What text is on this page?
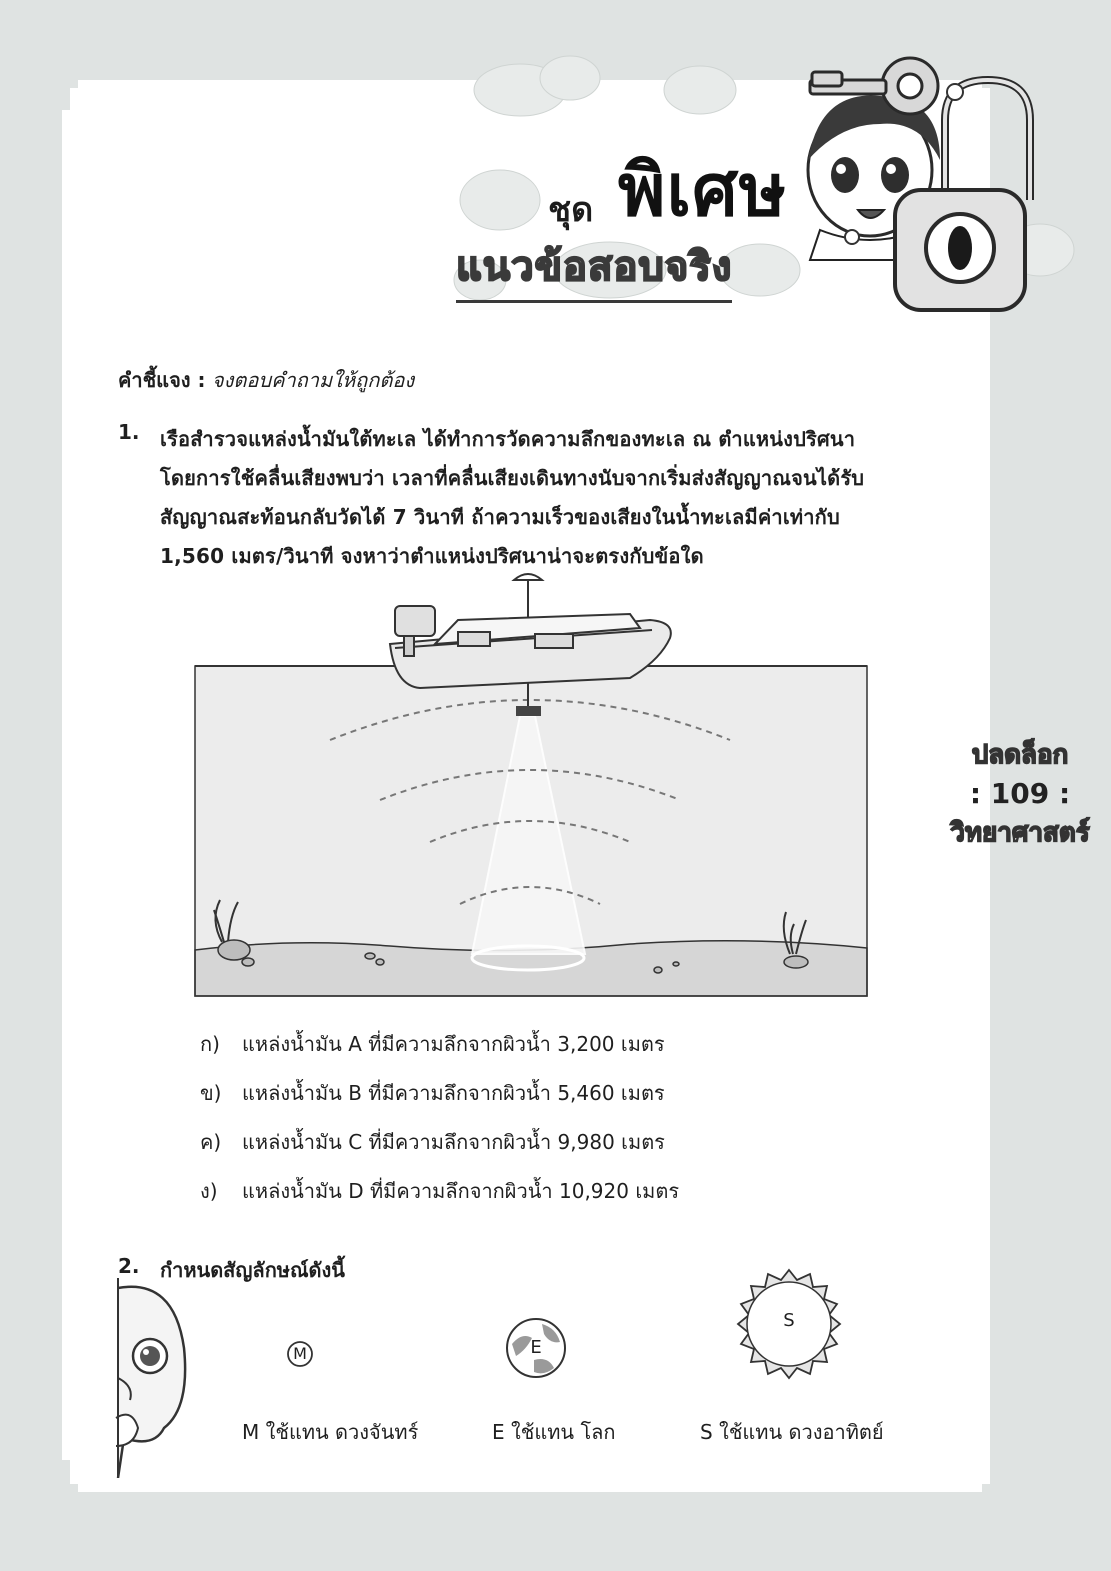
ชุด พิเศษ
แนวข้อสอบจริง
ปลดล็อก
: 109 :
วิทยาศาสตร์
คำชี้แจง : จงตอบคำถามให้ถูกต้อง
1. เรือสำรวจแหล่งน้ำมันใต้ทะเล ได้ทำการวัดความลึกของทะเล ณ ตำแหน่งปริศนา
โดยการใช้คลื่นเสียงพบว่า เวลาที่คลื่นเสียงเดินทางนับจากเริ่มส่งสัญญาณจนได้รับ
สัญญาณสะท้อนกลับวัดได้ 7 วินาที ถ้าความเร็วของเสียงในน้ำทะเลมีค่าเท่ากับ
1,560 เมตร/วินาที จงหาว่าตำแหน่งปริศนาน่าจะตรงกับข้อใด
ก)	แหล่งน้ำมัน A ที่มีความลึกจากผิวน้ำ 3,200 เมตร
ข)	แหล่งน้ำมัน B ที่มีความลึกจากผิวน้ำ 5,460 เมตร
ค)	แหล่งน้ำมัน C ที่มีความลึกจากผิวน้ำ 9,980 เมตร
ง)	แหล่งน้ำมัน D ที่มีความลึกจากผิวน้ำ 10,920 เมตร
2. กำหนดสัญลักษณ์ดังนี้
M	E
S
M ใช้แทน ดวงจันทร์	E ใช้แทน โลก	S ใช้แทน ดวงอาทิตย์
